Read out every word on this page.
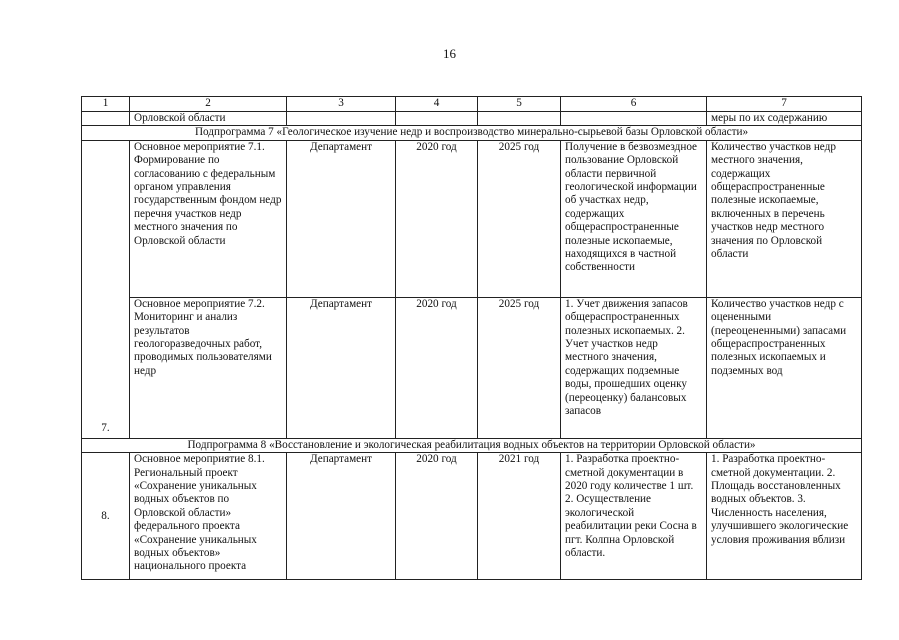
16
1	2	3	4	5	6	7
	Орловской области					меры по их содержанию
Подпрограмма 7 «Геологическое изучение недр и воспроизводство минерально-сырьевой базы Орловской области»						
7.	Основное мероприятие 7.1. Формирование по согласованию с федеральным органом управления государственным фондом недр перечня участков недр местного значения по Орловской области	Департамент	2020 год	2025 год	Получение в безвозмездное пользование Орловской области первичной геологической информации об участках недр, содержащих общераспространенные полезные ископаемые, находящихся в частной собственности	Количество участков недр местного значения, содержащих общераспространенные полезные ископаемые, включенных в перечень участков недр местного значения по Орловской области
	Основное мероприятие 7.2. Мониторинг и анализ результатов геологоразведочных работ, проводимых пользователями недр	Департамент	2020 год	2025 год	1. Учет движения запасов общераспространенных полезных ископаемых. 2. Учет участков недр местного значения, содержащих подземные воды, прошедших оценку (переоценку) балансовых запасов	Количество участков недр с оцененными (переоцененными) запасами общераспространенных полезных ископаемых и подземных вод
Подпрограмма 8 «Восстановление и экологическая реабилитация водных объектов на территории Орловской области»						
8.	Основное мероприятие 8.1. Региональный проект «Сохранение уникальных водных объектов по Орловской области» федерального проекта «Сохранение уникальных водных объектов» национального проекта	Департамент	2020 год	2021 год	1. Разработка проектно-сметной документации в 2020 году количестве 1 шт. 2. Осуществление экологической реабилитации реки Сосна в пгт. Колпна Орловской области.	1. Разработка проектно-сметной документации. 2. Площадь восстановленных водных объектов. 3. Численность населения, улучшившего экологические условия проживания вблизи
